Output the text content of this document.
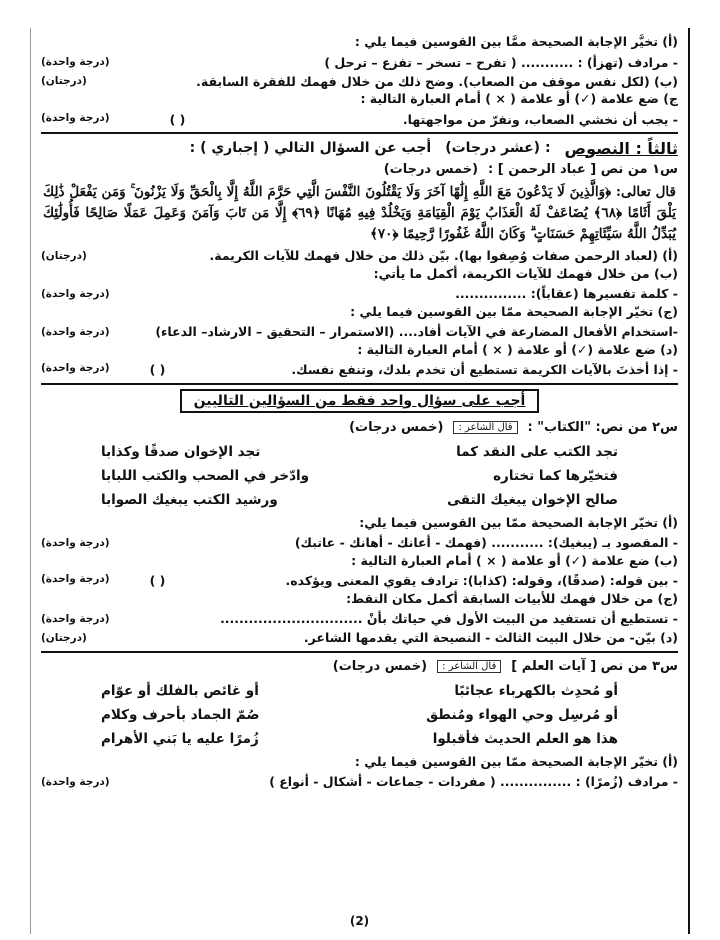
(أ) تخيَّر الإجابة الصحيحة ممَّا بين القوسين فيما يلي :
- مرادف (تهزأ) : ........... ( تفرح – تسخر – تفزع – ترحل )
(درجة واحدة)
(ب) (لكل نفس موقف من الصعاب). وضح ذلك من خلال فهمك للفقرة السابقة.
(درجتان)
ج) ضع علامة (✓) أو علامة ( × ) أمام العبارة التالية :
- يجب أن نخشي الصعاب، ونفرّ من مواجهتها.
( )
(درجة واحدة)
ثالثاً : النصوص
: (عشر درجات)
أجب عن السؤال التالي ( إجباري ) :
س١ من نص [ عباد الرحمن ] :
(خمس درجات)
قال تعالى: ﴿وَالَّذِينَ لَا يَدْعُونَ مَعَ اللَّهِ إِلَٰهًا آخَرَ وَلَا يَقْتُلُونَ النَّفْسَ الَّتِي حَرَّمَ اللَّهُ إِلَّا بِالْحَقِّ وَلَا يَزْنُونَ ۚ وَمَن يَفْعَلْ ذَٰلِكَ يَلْقَ أَثَامًا ﴿٦٨﴾ يُضَاعَفْ لَهُ الْعَذَابُ يَوْمَ الْقِيَامَةِ وَيَخْلُدْ فِيهِ مُهَانًا ﴿٦٩﴾ إِلَّا مَن تَابَ وَآمَنَ وَعَمِلَ عَمَلًا صَالِحًا فَأُولَٰئِكَ يُبَدِّلُ اللَّهُ سَيِّئَاتِهِمْ حَسَنَاتٍ ۗ وَكَانَ اللَّهُ غَفُورًا رَّحِيمًا ﴿٧٠﴾
(أ) (لعباد الرحمن صفات وُصِفوا بها). بيّن ذلك من خلال فهمك للآيات الكريمة.
(درجتان)
(ب) من خلال فهمك للآيات الكريمة، أكمل ما يأتي:
- كلمة تفسيرها (عقاباً): ...............
(درجة واحدة)
(ج) تخيّر الإجابة الصحيحة ممّا بين القوسين فيما يلي :
-استخدام الأفعال المضارعة في الآيات أفاد.... (الاستمرار – التحقيق – الارشاد– الدعاء)
(درجة واحدة)
(د) ضع علامة (✓) أو علامة ( × ) أمام العبارة التالية :
- إذا أخذتَ بالآيات الكريمة تستطيع أن تخدم بلدك، وتنفع نفسك.
( )
(درجة واحدة)
أجب على سؤال واحد فقط من السؤالين التاليين
س٢ من نص: "الكتاب" :
قال الشاعر :
(خمس درجات)
تجد الكتب على النقد كما
تجد الإخوان صدقًا وكذابا
فتخيّرها كما تختاره
وادّخر في الصحب والكتب اللبابا
صالح الإخوان يبغيك التقى
ورشيد الكتب يبغيك الصوابا
(أ) تخيّر الإجابة الصحيحة ممّا بين القوسين فيما يلي:
- المقصود بـ (يبغيك): ........... (فهمك - أعانك - أهانك - عاتبك)
(درجة واحدة)
(ب) ضع علامة (✓) أو علامة ( × ) أمام العبارة التالية :
- بين قوله: (صدقًا)، وقوله: (كذابا): ترادف يقوي المعنى ويؤكده.
( )
(درجة واحدة)
(ج) من خلال فهمك للأبيات السابقة أكمل مكان النقط:
- تستطيع أن تستفيد من البيت الأول في حياتك بأنْ ..............................
(درجة واحدة)
(د) بيّن- من خلال البيت الثالث - النصيحة التي يقدمها الشاعر.
(درجتان)
س٣ من نص [ آيات العلم ]
قال الشاعر :
(خمس درجات)
أو مُحدِث بالكهرباء عجائبًا
أو غائص بالفلك أو عوّام
أو مُرسِل وحي الهواء ومُنطق
صُمّ الجماد بأحرف وكلام
هذا هو العلم الحديث فأقبلوا
زُمرًا عليه يا بَني الأهرام
(أ) تخيّر الإجابة الصحيحة ممّا بين القوسين فيما يلي :
- مرادف (زُمرًا) : ............... ( مفردات - جماعات - أشكال - أنواع )
(درجة واحدة)
(2)
